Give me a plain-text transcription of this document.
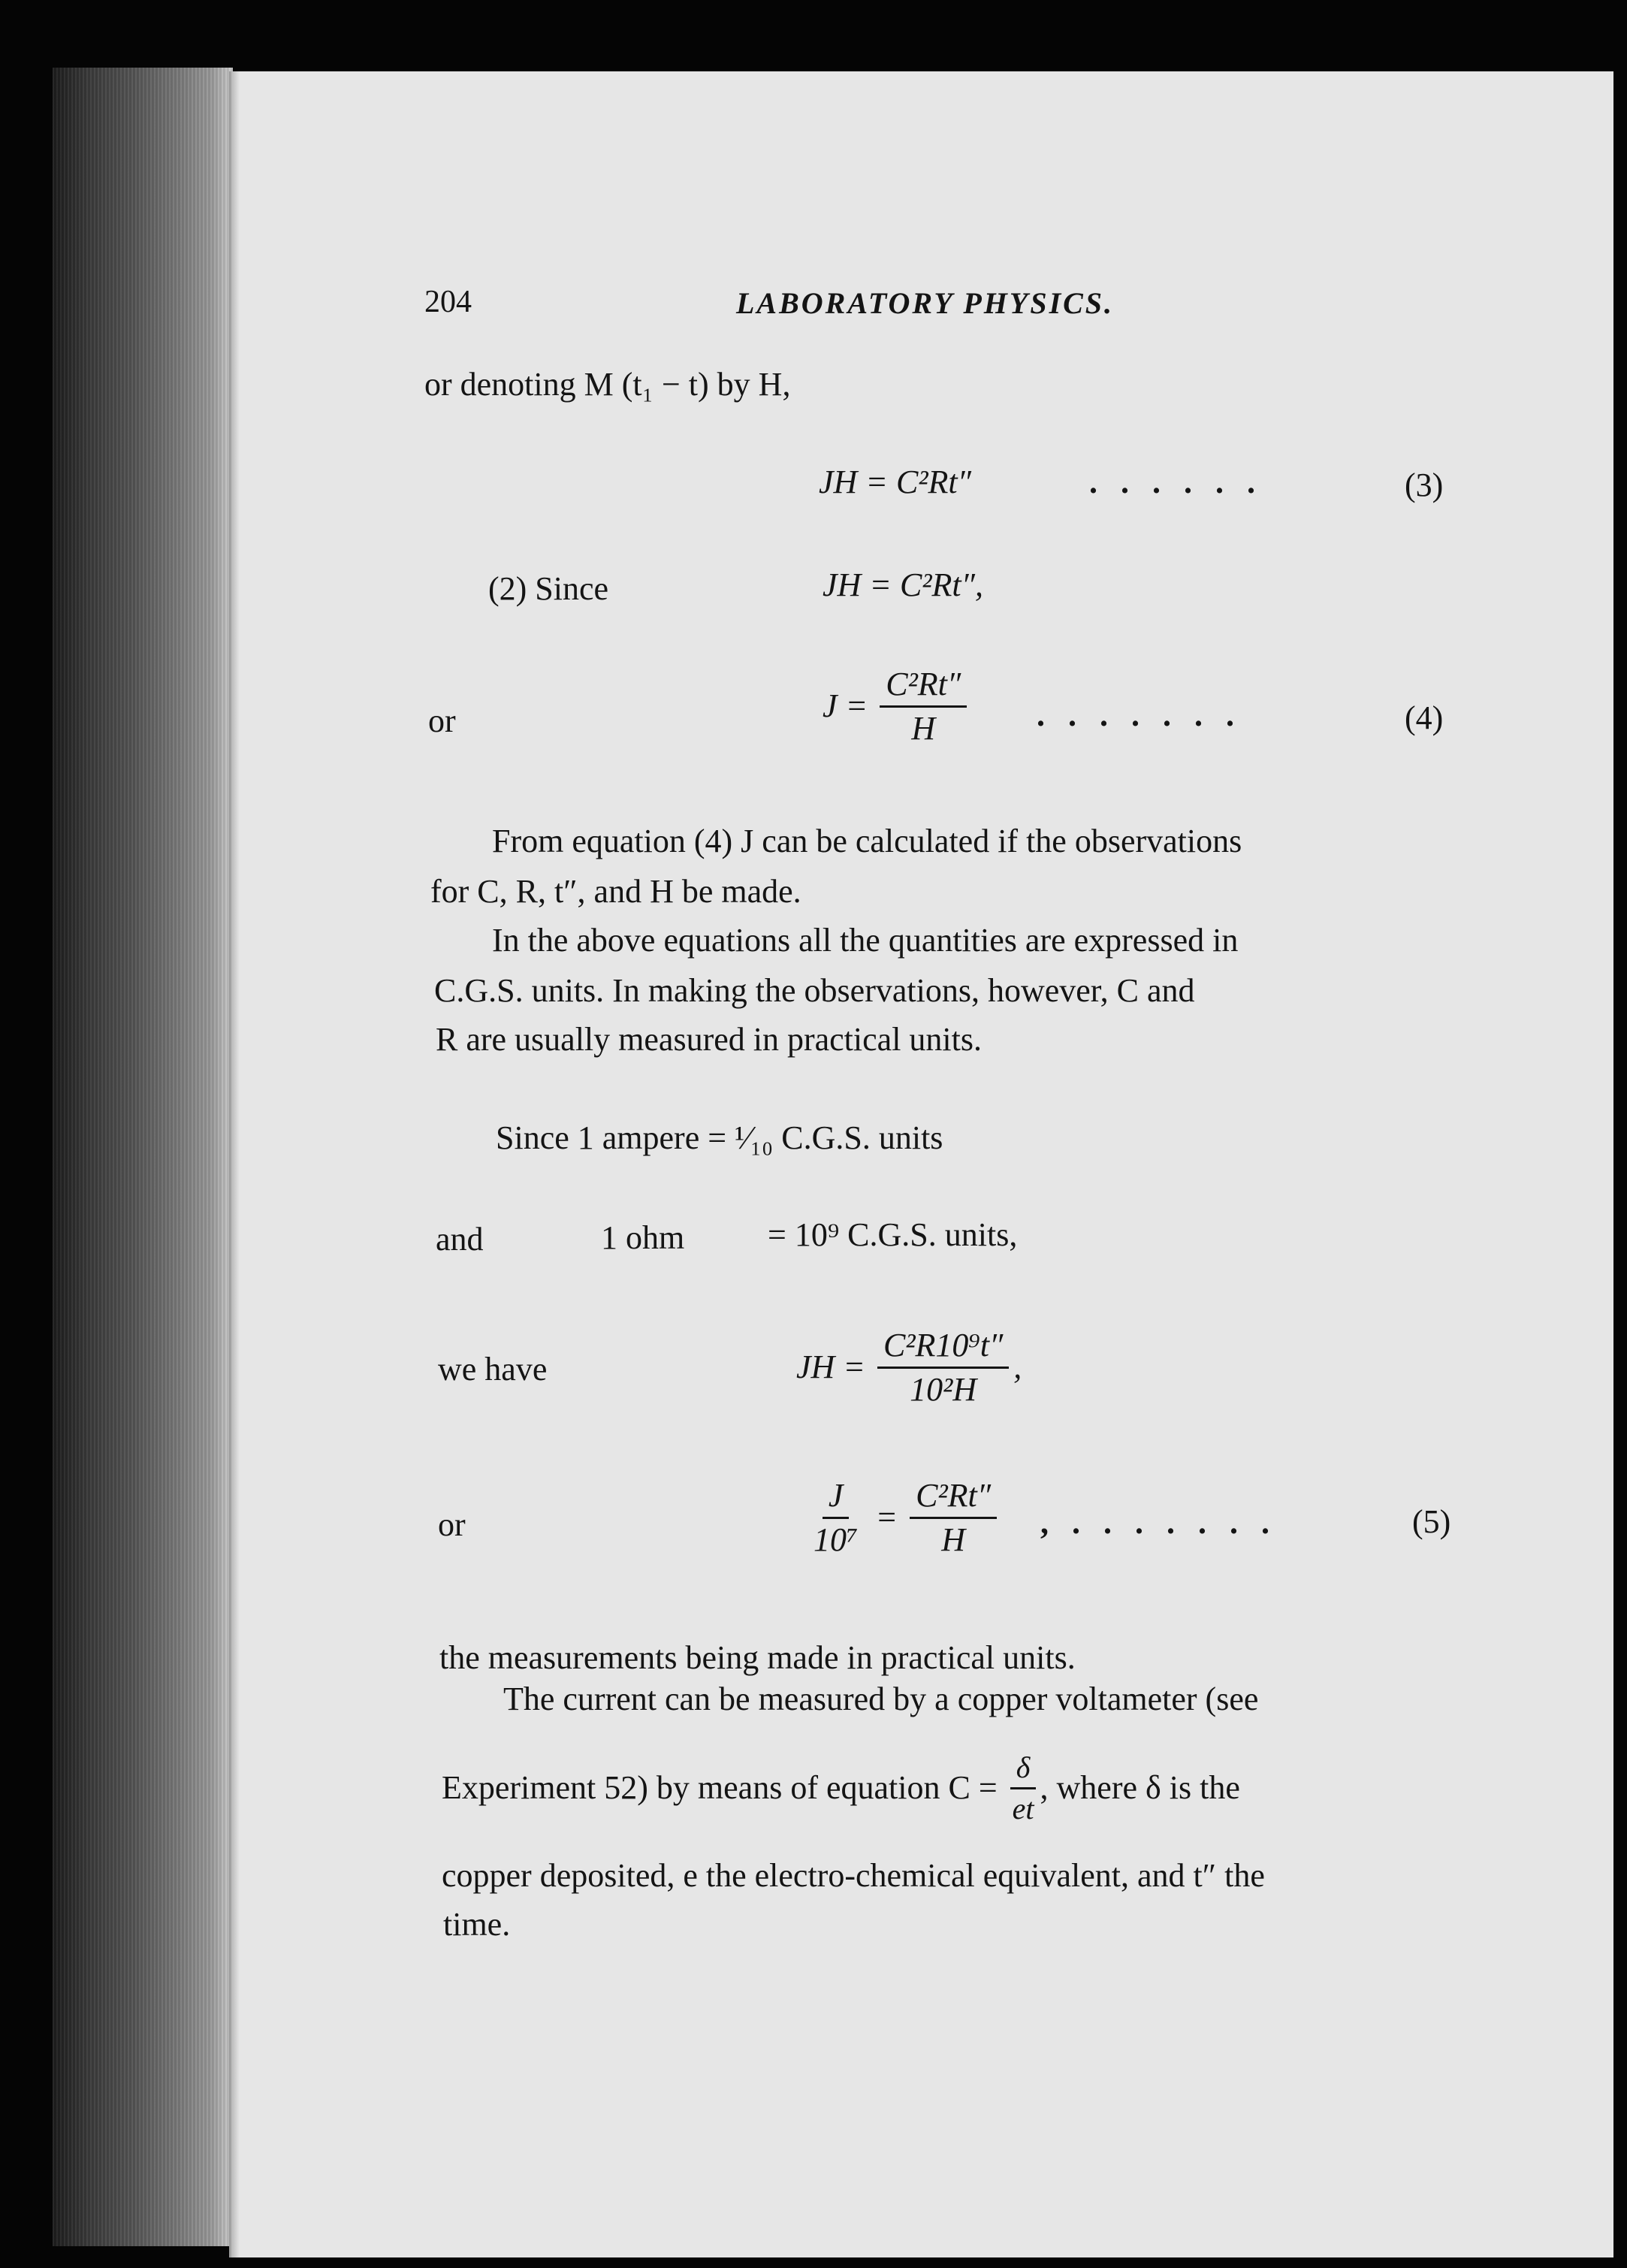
204	LABORATORY PHYSICS.
or denoting M (t₁ − t) by H,
JH = C²Rt″	. . . . . .	(3)
(2) Since	JH = C²Rt″,
or	$J = \frac{\text{C²Rt″}}{H}$ . . . . . . .	(4)
From equation (4) J can be calculated if the observations
for C, R, t″, and H be made.
In the above equations all the quantities are expressed in
C.G.S. units. In making the observations, however, C and
R are usually measured in practical units.
Since 1 ampere = ¹⁄₁₀ C.G.S. units
and	1 ohm	= 10⁹ C.G.S. units,
we have	JH = $\frac{\text{C²R10⁹t″}}{\text{10²H}}$ ,
or	$\frac{J}{\text{10⁷}} = \frac{\text{C²Rt″}}{H}$ , . . . . . . .	(5)
the measurements being made in practical units.
The current can be measured by a copper voltameter (see
Experiment 52) by means of equation $C = \frac{\delta}{et}$ , where δ is the
copper deposited, e the electro-chemical equivalent, and t″ the
time.
